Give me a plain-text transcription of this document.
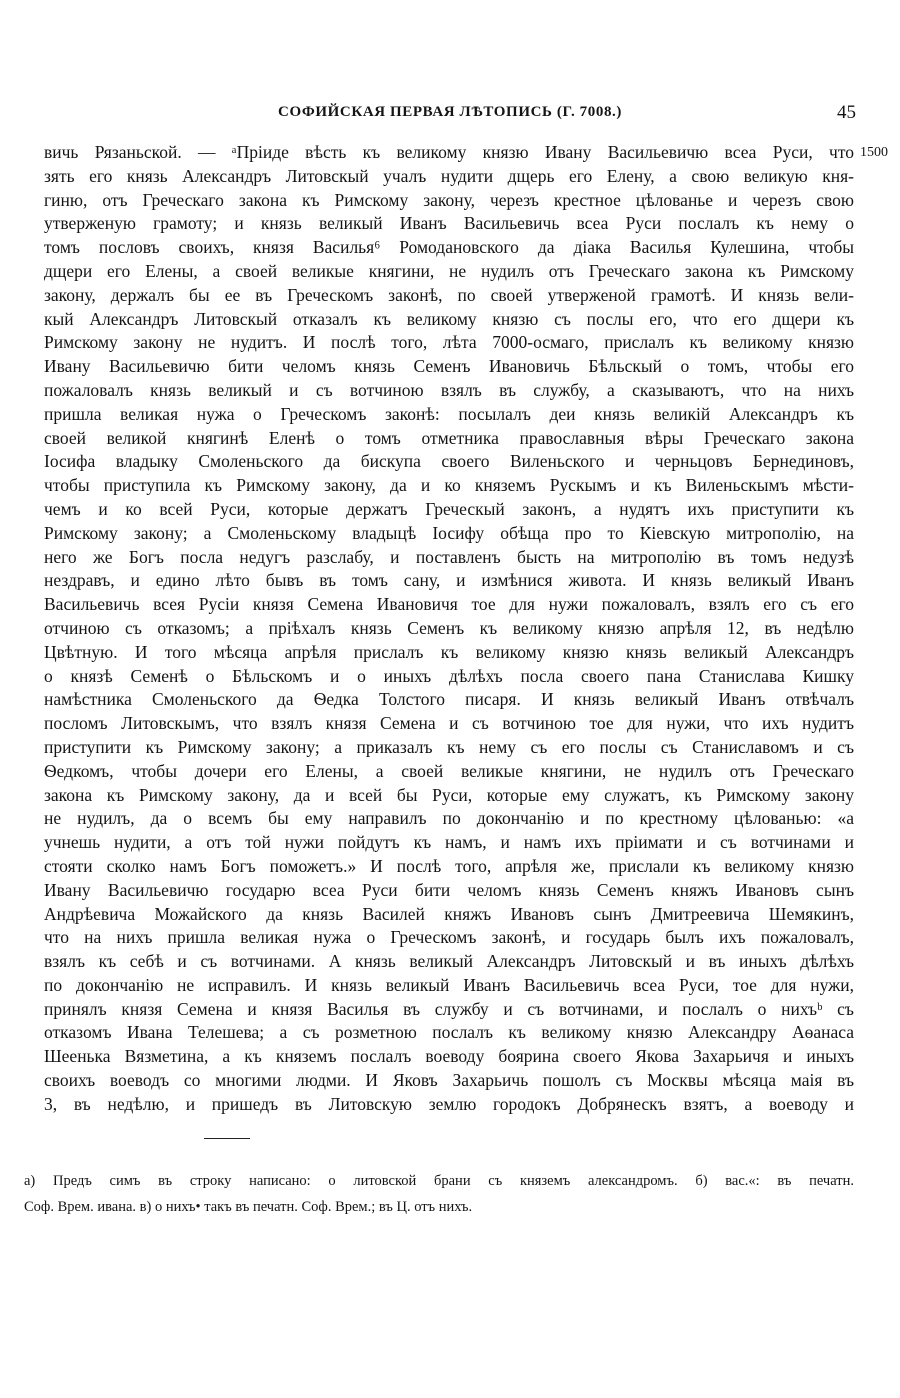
СОФИЙСКАЯ ПЕРВАЯ ЛѢТОПИСЬ (Г. 7008.)	45
1500
вичь Рязаньской. — ᵃПріиде вѣсть къ великому князю Ивану Васильевичю всеа Руси, что
зять его князь Александръ Литовскый учалъ нудити дщерь его Елену, а свою великую кня-
гиню, отъ Греческаго закона къ Римскому закону, черезъ крестное цѣлованье и черезъ свою
утверженую грамоту; и князь великый Иванъ Васильевичь всеа Руси послалъ къ нему о
томъ пословъ своихъ, князя Василья⁶ Ромодановского да діака Василья Кулешина, чтобы
дщери его Елены, а своей великые княгини, не нудилъ отъ Греческаго закона къ Римскому
закону, держалъ бы ее въ Греческомъ законѣ, по своей утверженой грамотѣ. И князь вели-
кый Александръ Литовскый отказалъ къ великому князю съ послы его, что его дщери къ
Римскому закону не нудитъ. И послѣ того, лѣта 7000-осмаго, прислалъ къ великому князю
Ивану Васильевичю бити челомъ князь Семенъ Ивановичь Бѣльскый о томъ, чтобы его
пожаловалъ князь великый и съ вотчиною взялъ въ службу, а сказываютъ, что на нихъ
пришла великая нужа о Греческомъ законѣ: посылалъ деи князь великій Александръ къ
своей великой княгинѣ Еленѣ о томъ отметника православныя вѣры Греческаго закона
Іосифа владыку Смоленьского да бискупа своего Виленьского и черньцовъ Бернединовъ,
чтобы приступила къ Римскому закону, да и ко княземъ Рускымъ и къ Виленьскымъ мѣсти-
чемъ и ко всей Руси, которые держатъ Греческый законъ, а нудятъ ихъ приступити къ
Римскому закону; а Смоленьскому владыцѣ Іосифу обѣща про то Кіевскую митрополію, на
него же Богъ посла недугъ разслабу, и поставленъ бысть на митрополію въ томъ недузѣ
нездравъ, и едино лѣто бывъ въ томъ сану, и измѣнися живота. И князь великый Иванъ
Васильевичь всея Русіи князя Семена Ивановичя тое для нужи пожаловалъ, взялъ его съ его
отчиною съ отказомъ; а пріѣхалъ князь Семенъ къ великому князю апрѣля 12, въ недѣлю
Цвѣтную. И того мѣсяца апрѣля прислалъ къ великому князю князь великый Александръ
о князѣ Семенѣ о Бѣльскомъ и о иныхъ дѣлѣхъ посла своего пана Станислава Кишку
намѣстника Смоленьского да Ѳедка Толстого писаря. И князь великый Иванъ отвѣчалъ
посломъ Литовскымъ, что взялъ князя Семена и съ вотчиною тое для нужи, что ихъ нудитъ
приступити къ Римскому закону; а приказалъ къ нему съ его послы съ Станиславомъ и съ
Ѳедкомъ, чтобы дочери его Елены, а своей великые княгини, не нудилъ отъ Греческаго
закона къ Римскому закону, да и всей бы Руси, которые ему служатъ, къ Римскому закону
не нудилъ, да о всемъ бы ему направилъ по докончанію и по крестному цѣлованью: «а
учнешь нудити, а отъ той нужи пойдутъ къ намъ, и намъ ихъ пріимати и съ вотчинами и
стояти сколко намъ Богъ поможетъ.» И послѣ того, апрѣля же, прислали къ великому князю
Ивану Васильевичю государю всеа Руси бити челомъ князь Семенъ княжъ Ивановъ сынъ
Андрѣевича Можайского да князь Василей княжъ Ивановъ сынъ Дмитреевича Шемякинъ,
что на нихъ пришла великая нужа о Греческомъ законѣ, и государь былъ ихъ пожаловалъ,
взялъ къ себѣ и съ вотчинами. А князь великый Александръ Литовскый и въ иныхъ дѣлѣхъ
по докончанію не исправилъ. И князь великый Иванъ Васильевичь всеа Руси, тое для нужи,
принялъ князя Семена и князя Василья въ службу и съ вотчинами, и послалъ о нихъᵇ съ
отказомъ Ивана Телешева; а съ розметною послалъ къ великому князю Александру Аѳанаса
Шеенька Вязметина, а къ княземъ послалъ воеводу боярина своего Якова Захарьичя и иныхъ
своихъ воеводъ со многими людми. И Яковъ Захарьичь пошолъ съ Москвы мѣсяца маія въ
3, въ недѣлю, и пришедъ въ Литовскую землю городокъ Добрянескъ взятъ, а воеводу и
а) Предъ симъ въ строку написано: о литовской брани съ княземъ александромъ. б) вас.«: въ печатн.
Соф. Врем. ивана. в) о нихъ• такъ въ печатн. Соф. Врем.; въ Ц. отъ нихъ.
